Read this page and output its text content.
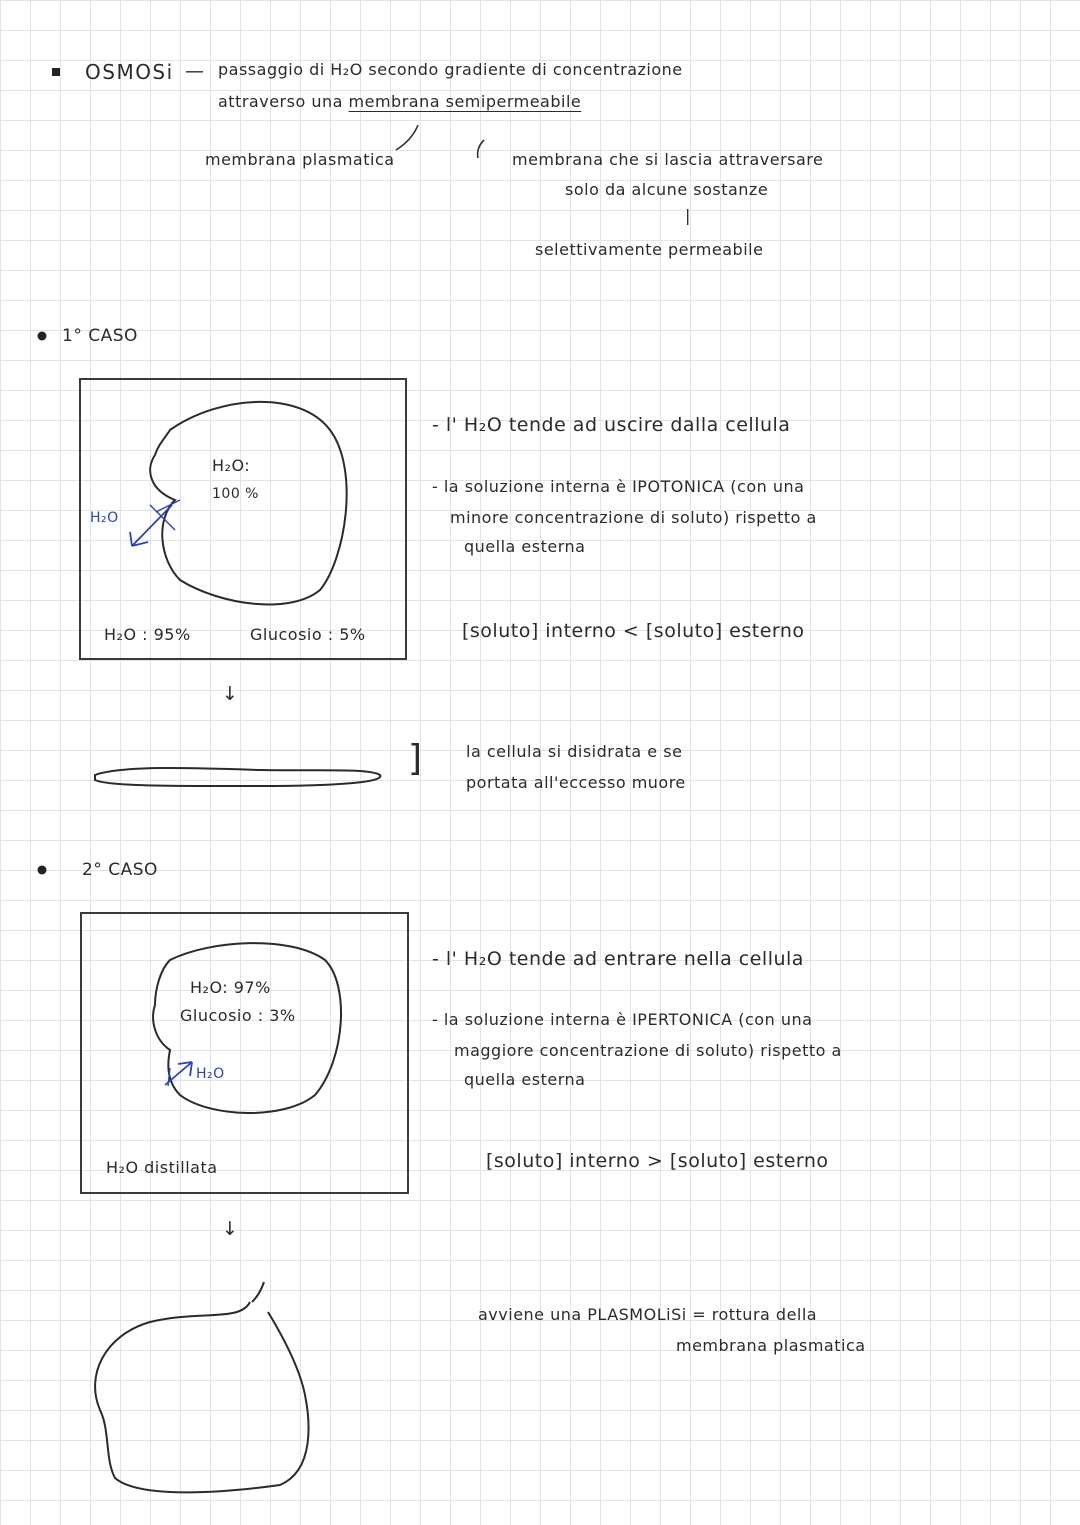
OSMOSi — passaggio di H₂O secondo gradiente di concentrazione
attraverso una membrana semipermeabile
membrana plasmatica	membrana che si lascia attraversare
solo da alcune sostanze
|
selettivamente permeabile
1° CASO
H₂O:
100 %
H₂O
H₂O : 95%	Glucosio : 5%
↓
]
- l' H₂O tende ad uscire dalla cellula
- la soluzione interna è IPOTONICA (con una
minore concentrazione di soluto) rispetto a
quella esterna
[soluto] interno < [soluto] esterno
la cellula si disidrata e se
portata all'eccesso muore
2° CASO
H₂O: 97%
Glucosio : 3%
H₂O
H₂O distillata
↓
- l' H₂O tende ad entrare nella cellula
- la soluzione interna è IPERTONICA (con una
maggiore concentrazione di soluto) rispetto a
quella esterna
[soluto] interno > [soluto] esterno
avviene una PLASMOLiSi = rottura della
membrana plasmatica
